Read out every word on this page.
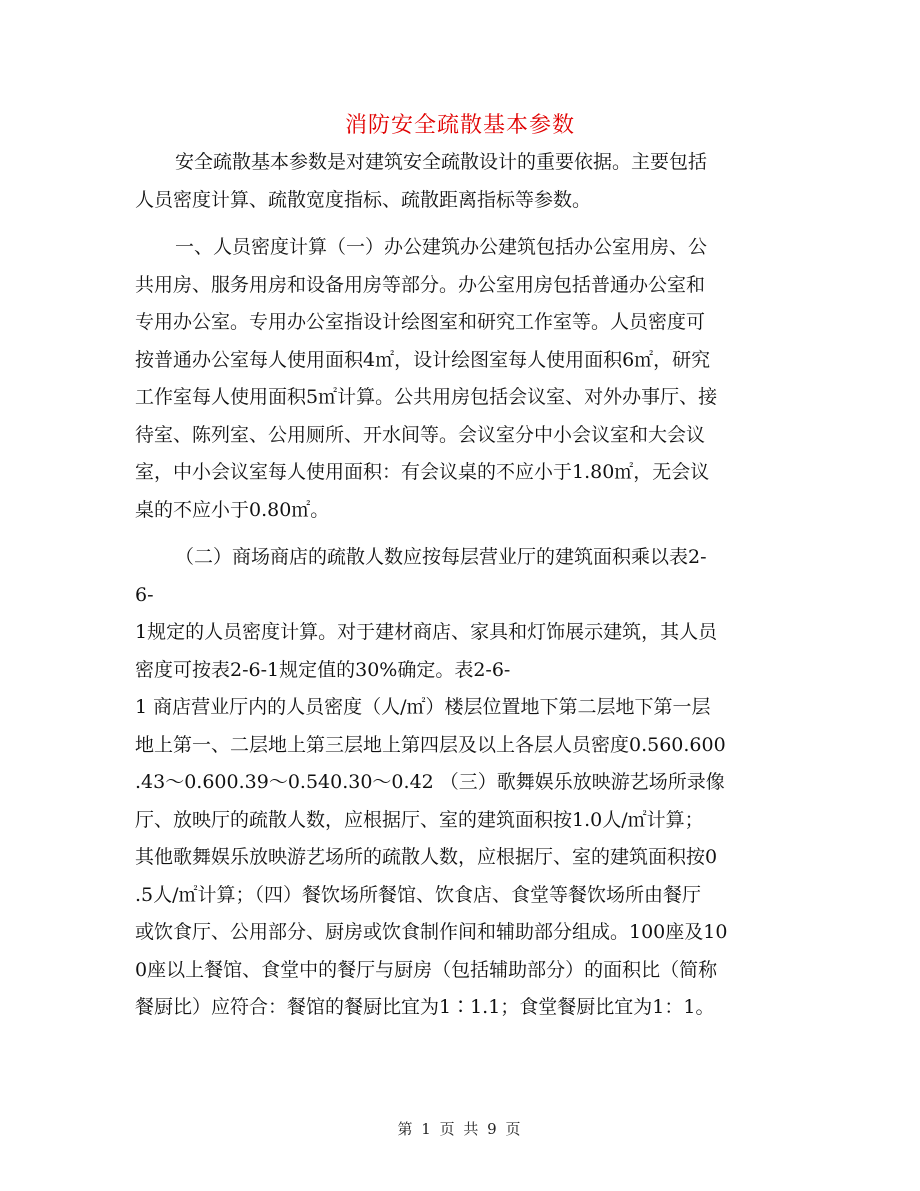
消防安全疏散基本参数
安全疏散基本参数是对建筑安全疏散设计的重要依据。主要包括
人员密度计算、疏散宽度指标、疏散距离指标等参数。
一、人员密度计算（一）办公建筑办公建筑包括办公室用房、公
共用房、服务用房和设备用房等部分。办公室用房包括普通办公室和
专用办公室。专用办公室指设计绘图室和研究工作室等。人员密度可
按普通办公室每人使用面积4㎡，设计绘图室每人使用面积6㎡，研究
工作室每人使用面积5㎡计算。公共用房包括会议室、对外办事厅、接
待室、陈列室、公用厕所、开水间等。会议室分中小会议室和大会议
室，中小会议室每人使用面积：有会议桌的不应小于1.80㎡，无会议
桌的不应小于0.80㎡。
（二）商场商店的疏散人数应按每层营业厅的建筑面积乘以表2-
6-
1规定的人员密度计算。对于建材商店、家具和灯饰展示建筑，其人员
密度可按表2-6-1规定值的30%确定。表2-6-
1 商店营业厅内的人员密度（人/㎡）楼层位置地下第二层地下第一层
地上第一、二层地上第三层地上第四层及以上各层人员密度0.560.600
.43～0.600.39～0.540.30～0.42 （三）歌舞娱乐放映游艺场所录像
厅、放映厅的疏散人数，应根据厅、室的建筑面积按1.0人/㎡计算；
其他歌舞娱乐放映游艺场所的疏散人数，应根据厅、室的建筑面积按0
.5人/㎡计算；（四）餐饮场所餐馆、饮食店、食堂等餐饮场所由餐厅
或饮食厅、公用部分、厨房或饮食制作间和辅助部分组成。100座及10
0座以上餐馆、食堂中的餐厅与厨房（包括辅助部分）的面积比（简称
餐厨比）应符合：餐馆的餐厨比宜为1∶1.1；食堂餐厨比宜为1：1。
第 1 页 共 9 页
